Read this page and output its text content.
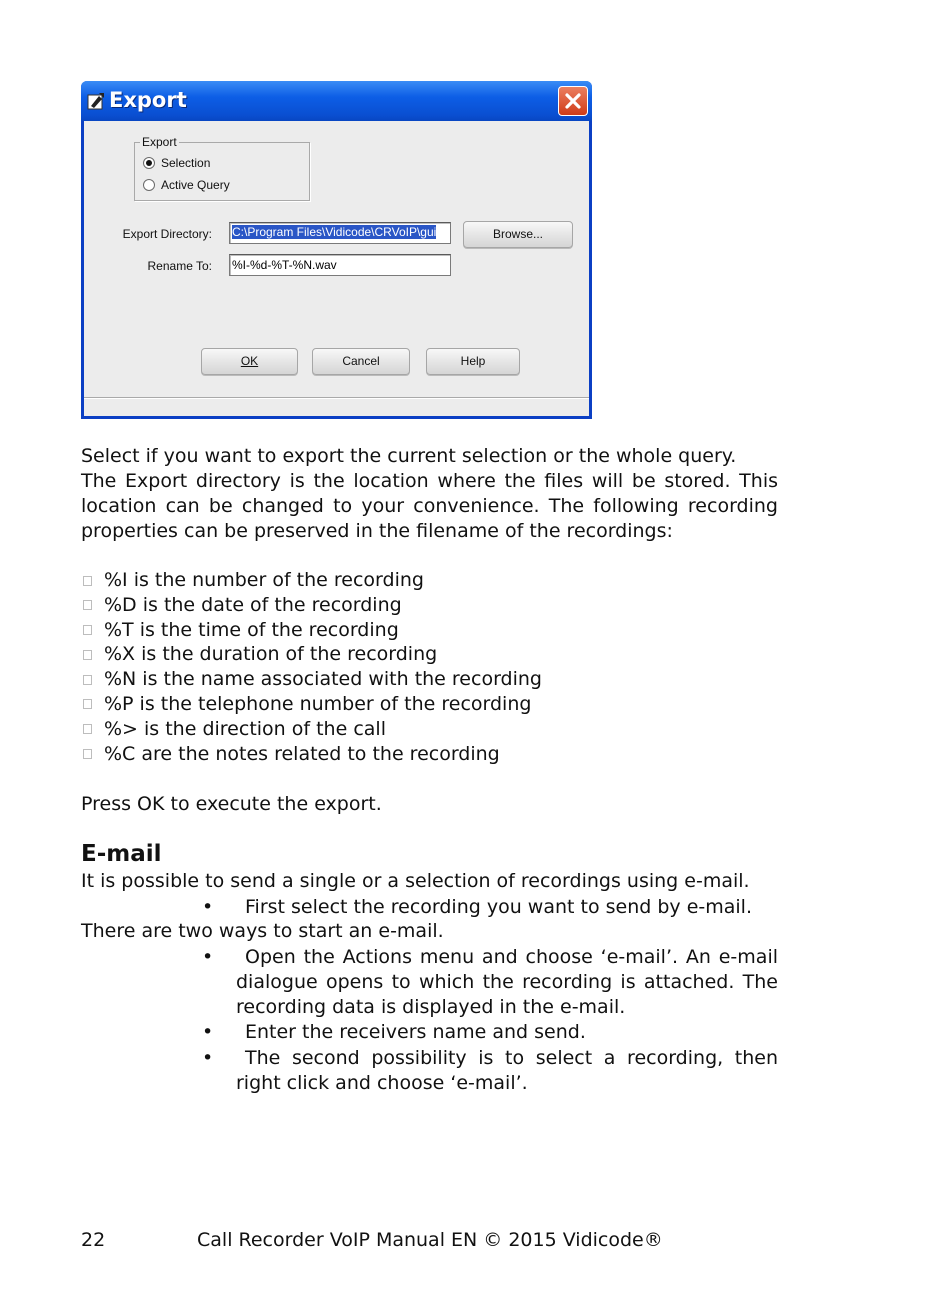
Export
Export
Selection
Active Query
Export Directory: C:\Program Files\Vidicode\CRVoIP\gui	Browse...
Rename To:
%I-%d-%T-%N.wav
OK	Cancel	Help
Select if you want to export the current selection or the whole query.
The Export directory is the location where the files will be stored. This location can be changed to your convenience. The following recording properties can be preserved in the filename of the recordings:
%I is the number of the recording
%D is the date of the recording
%T is the time of the recording
%X is the duration of the recording
%N is the name associated with the recording
%P is the telephone number of the recording
%> is the direction of the call
%C are the notes related to the recording
Press OK to execute the export.
E-mail
It is possible to send a single or a selection of recordings using e-mail.
• First select the recording you want to send by e-mail.
There are two ways to start an e-mail.
• Open the Actions menu and choose ‘e-mail’. An e-mail dialogue opens to which the recording is attached. The recording data is displayed in the e-mail.
• Enter the receivers name and send.
• The second possibility is to select a recording, then right click and choose ‘e-mail’.
22	Call Recorder VoIP Manual EN © 2015 Vidicode®
